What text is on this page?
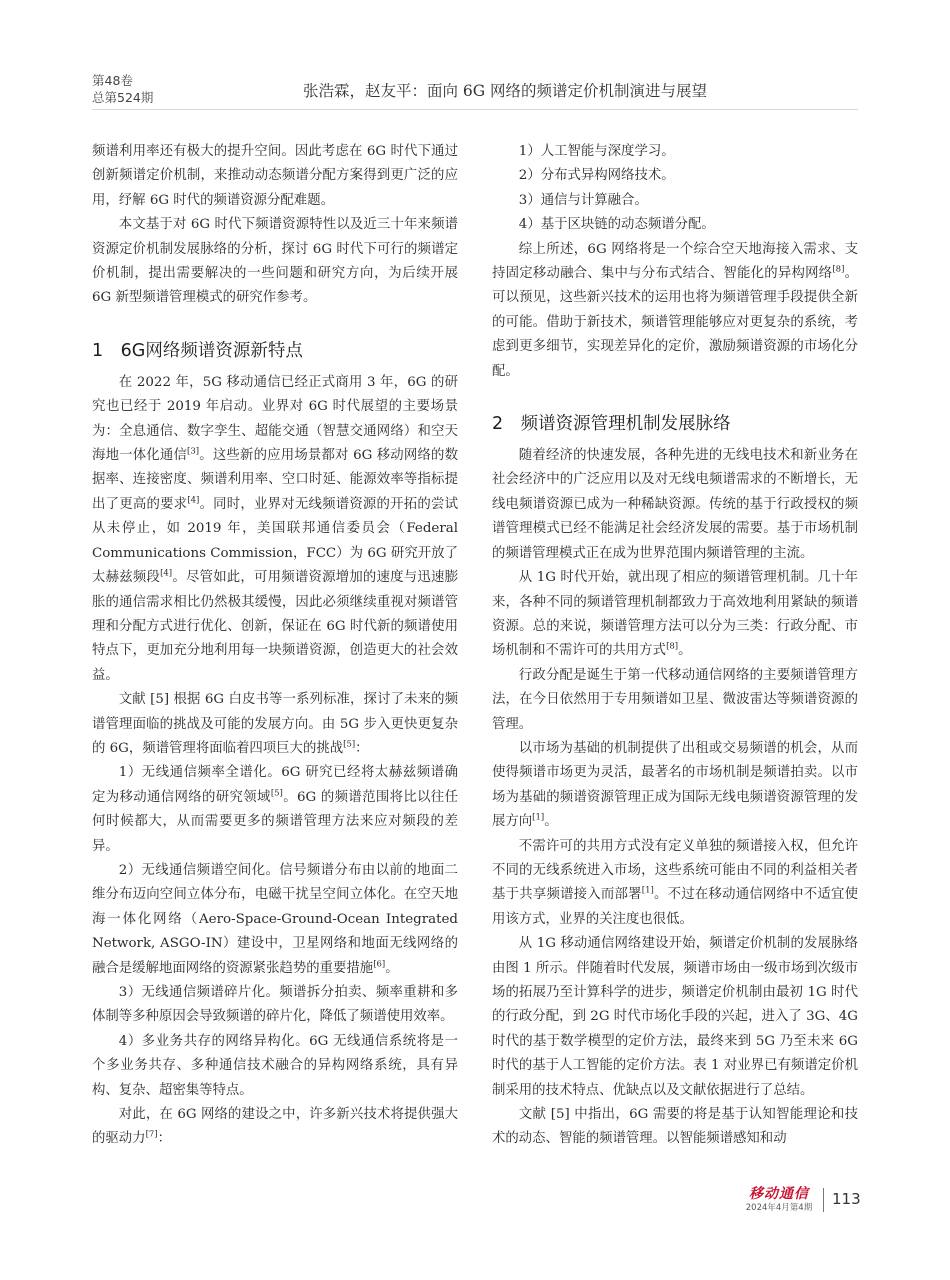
第48卷
总第524期	张浩霖，赵友平：面向 6G 网络的频谱定价机制演进与展望

频谱利用率还有极大的提升空间。因此考虑在 6G 时代下通过创新频谱定价机制，来推动动态频谱分配方案得到更广泛的应用，纾解 6G 时代的频谱资源分配难题。

本文基于对 6G 时代下频谱资源特性以及近三十年来频谱资源定价机制发展脉络的分析，探讨 6G 时代下可行的频谱定价机制，提出需要解决的一些问题和研究方向，为后续开展 6G 新型频谱管理模式的研究作参考。

1　6G网络频谱资源新特点

在 2022 年，5G 移动通信已经正式商用 3 年，6G 的研究也已经于 2019 年启动。业界对 6G 时代展望的主要场景为：全息通信、数字孪生、超能交通（智慧交通网络）和空天海地一体化通信[3]。这些新的应用场景都对 6G 移动网络的数据率、连接密度、频谱利用率、空口时延、能源效率等指标提出了更高的要求[4]。同时，业界对无线频谱资源的开拓的尝试从未停止，如 2019 年，美国联邦通信委员会（Federal Communications Commission，FCC）为 6G 研究开放了太赫兹频段[4]。尽管如此，可用频谱资源增加的速度与迅速膨胀的通信需求相比仍然极其缓慢，因此必须继续重视对频谱管理和分配方式进行优化、创新，保证在 6G 时代新的频谱使用特点下，更加充分地利用每一块频谱资源，创造更大的社会效益。

文献 [5] 根据 6G 白皮书等一系列标准，探讨了未来的频谱管理面临的挑战及可能的发展方向。由 5G 步入更快更复杂的 6G，频谱管理将面临着四项巨大的挑战[5]：

1）无线通信频率全谱化。6G 研究已经将太赫兹频谱确定为移动通信网络的研究领域[5]。6G 的频谱范围将比以往任何时候都大，从而需要更多的频谱管理方法来应对频段的差异。

2）无线通信频谱空间化。信号频谱分布由以前的地面二维分布迈向空间立体分布，电磁干扰呈空间立体化。在空天地海一体化网络（Aero-Space-Ground-Ocean Integrated Network, ASGO-IN）建设中，卫星网络和地面无线网络的融合是缓解地面网络的资源紧张趋势的重要措施[6]。

3）无线通信频谱碎片化。频谱拆分拍卖、频率重耕和多体制等多种原因会导致频谱的碎片化，降低了频谱使用效率。

4）多业务共存的网络异构化。6G 无线通信系统将是一个多业务共存、多种通信技术融合的异构网络系统，具有异构、复杂、超密集等特点。

对此，在 6G 网络的建设之中，许多新兴技术将提供强大的驱动力[7]：

1）人工智能与深度学习。

2）分布式异构网络技术。

3）通信与计算融合。

4）基于区块链的动态频谱分配。

综上所述，6G 网络将是一个综合空天地海接入需求、支持固定移动融合、集中与分布式结合、智能化的异构网络[8]。可以预见，这些新兴技术的运用也将为频谱管理手段提供全新的可能。借助于新技术，频谱管理能够应对更复杂的系统，考虑到更多细节，实现差异化的定价，激励频谱资源的市场化分配。

2　频谱资源管理机制发展脉络

随着经济的快速发展，各种先进的无线电技术和新业务在社会经济中的广泛应用以及对无线电频谱需求的不断增长，无线电频谱资源已成为一种稀缺资源。传统的基于行政授权的频谱管理模式已经不能满足社会经济发展的需要。基于市场机制的频谱管理模式正在成为世界范围内频谱管理的主流。

从 1G 时代开始，就出现了相应的频谱管理机制。几十年来，各种不同的频谱管理机制都致力于高效地利用紧缺的频谱资源。总的来说，频谱管理方法可以分为三类：行政分配、市场机制和不需许可的共用方式[8]。

行政分配是诞生于第一代移动通信网络的主要频谱管理方法，在今日依然用于专用频谱如卫星、微波雷达等频谱资源的管理。

以市场为基础的机制提供了出租或交易频谱的机会，从而使得频谱市场更为灵活，最著名的市场机制是频谱拍卖。以市场为基础的频谱资源管理正成为国际无线电频谱资源管理的发展方向[1]。

不需许可的共用方式没有定义单独的频谱接入权，但允许不同的无线系统进入市场，这些系统可能由不同的利益相关者基于共享频谱接入而部署[1]。不过在移动通信网络中不适宜使用该方式，业界的关注度也很低。

从 1G 移动通信网络建设开始，频谱定价机制的发展脉络由图 1 所示。伴随着时代发展，频谱市场由一级市场到次级市场的拓展乃至计算科学的进步，频谱定价机制由最初 1G 时代的行政分配，到 2G 时代市场化手段的兴起，进入了 3G、4G 时代的基于数学模型的定价方法，最终来到 5G 乃至未来 6G 时代的基于人工智能的定价方法。表 1 对业界已有频谱定价机制采用的技术特点、优缺点以及文献依据进行了总结。

文献 [5] 中指出，6G 需要的将是基于认知智能理论和技术的动态、智能的频谱管理。以智能频谱感知和动

移动通信
2024年4月第4期 113
